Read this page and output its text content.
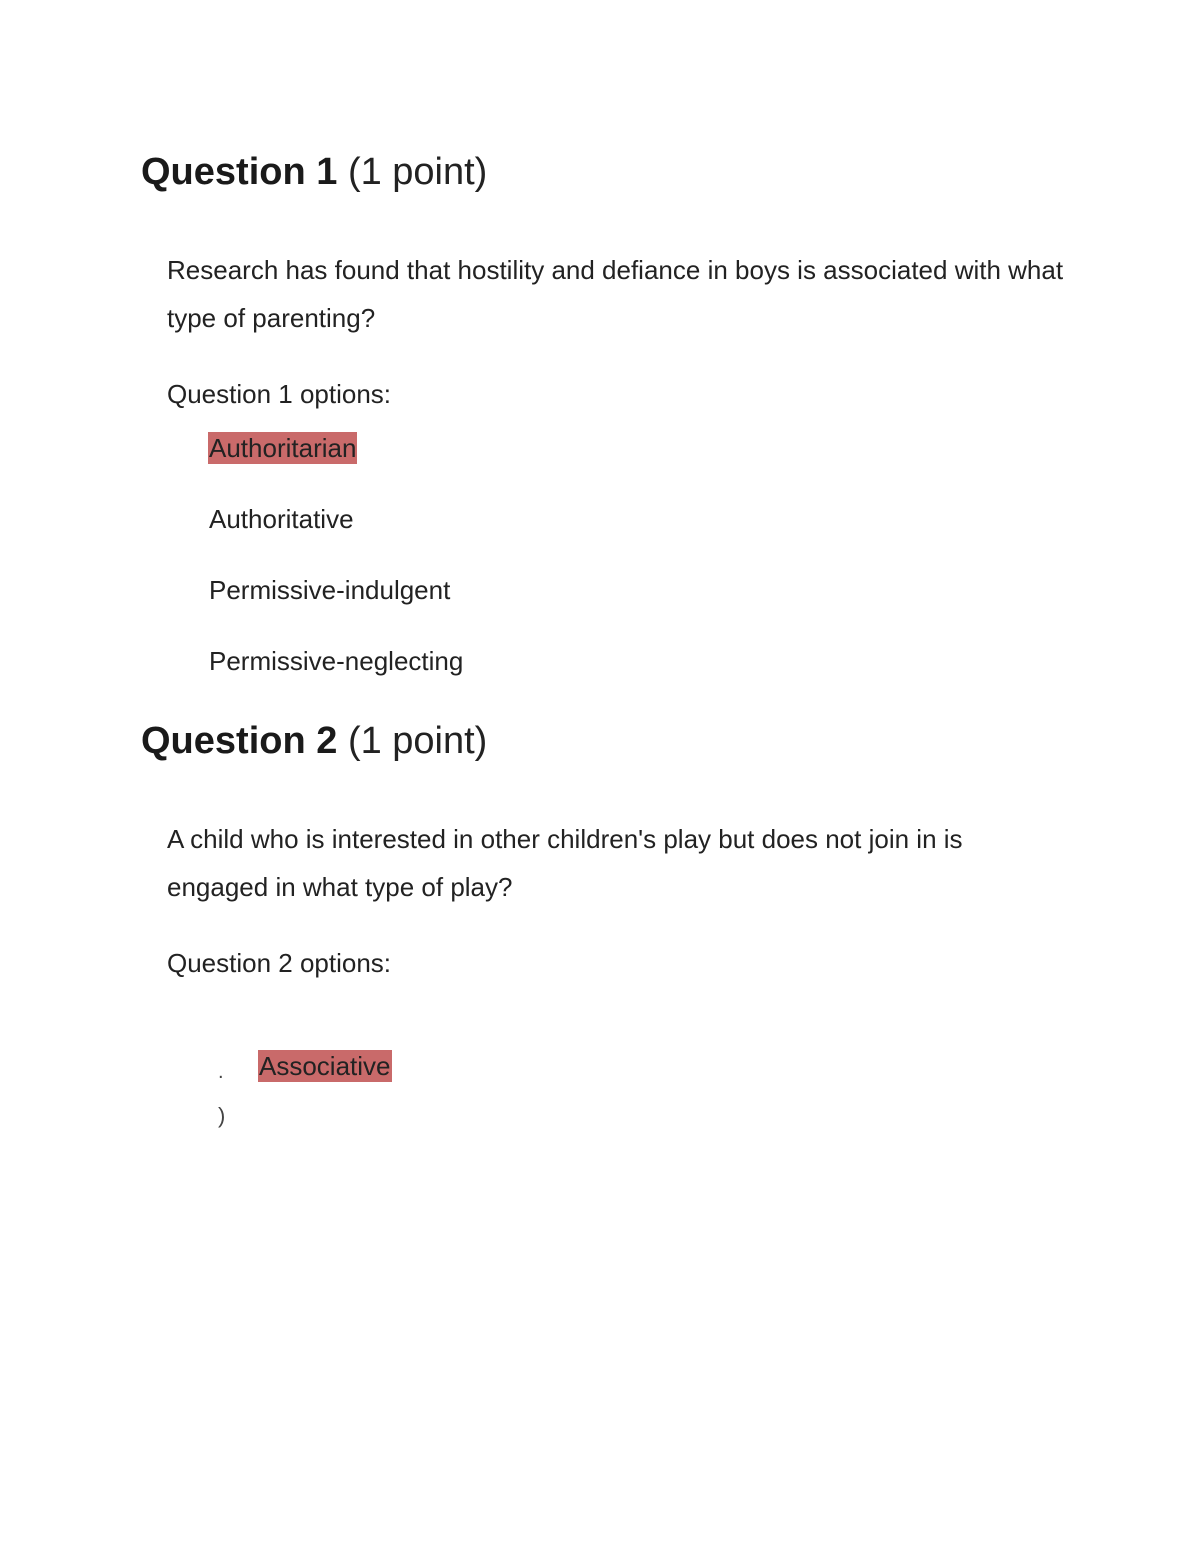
Question 1 (1 point)

Research has found that hostility and defiance in boys is associated with what type of parenting?

Question 1 options:

Authoritarian
Authoritative
Permissive-indulgent
Permissive-neglecting
Question 2 (1 point)

A child who is interested in other children's play but does not join in is engaged in what type of play?

Question 2 options:

. Associative
)
